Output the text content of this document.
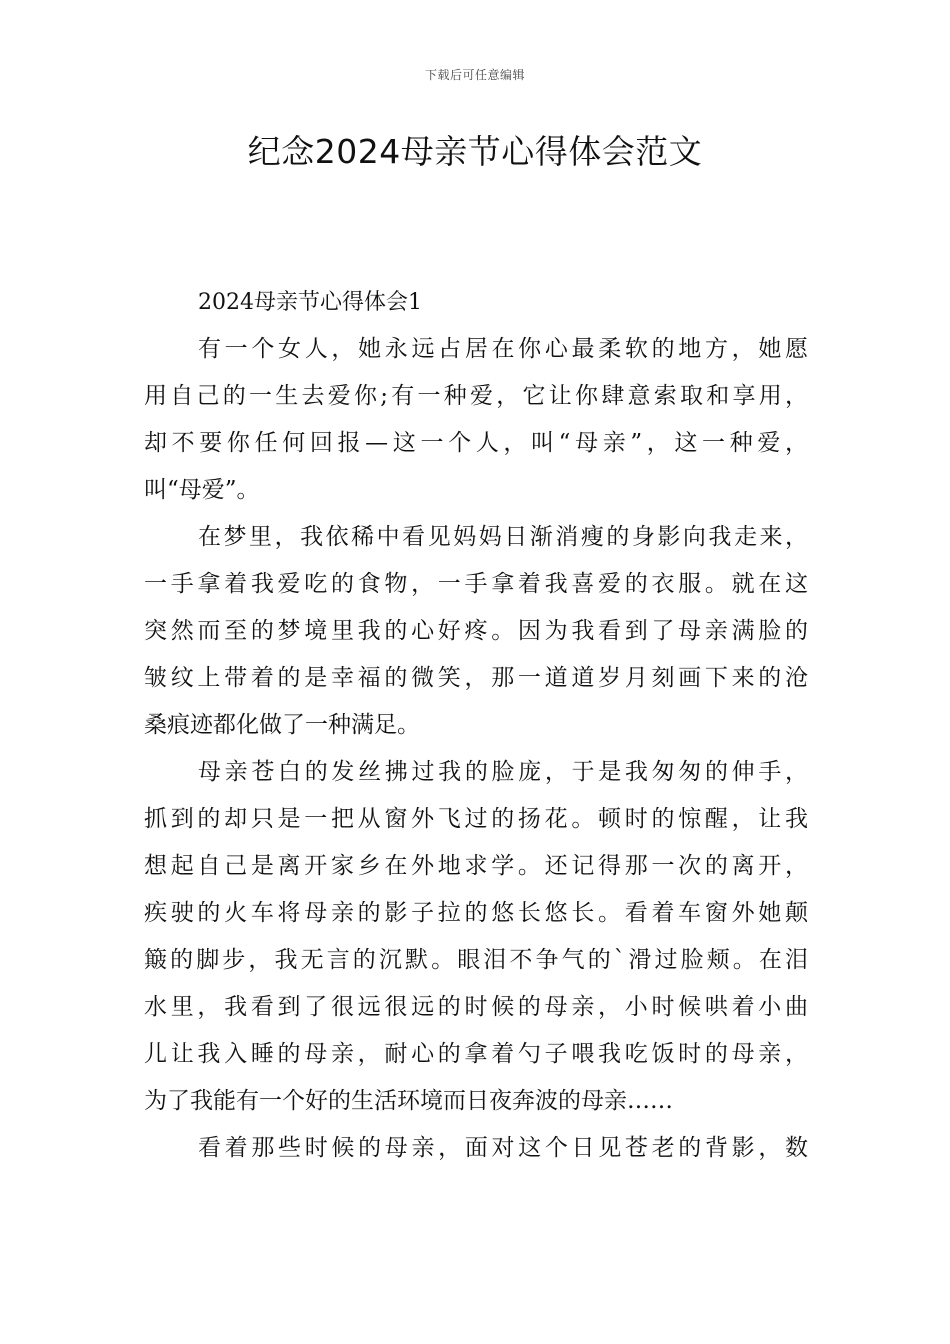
下载后可任意编辑
纪念2024母亲节心得体会范文

2024母亲节心得体会1

有一个女人，她永远占居在你心最柔软的地方，她愿
用自己的一生去爱你;有一种爱，它让你肆意索取和享用，
却不要你任何回报—这一个人，叫“母亲”，这一种爱，
叫“母爱”。

在梦里，我依稀中看见妈妈日渐消瘦的身影向我走来，
一手拿着我爱吃的食物，一手拿着我喜爱的衣服。就在这
突然而至的梦境里我的心好疼。因为我看到了母亲满脸的
皱纹上带着的是幸福的微笑，那一道道岁月刻画下来的沧
桑痕迹都化做了一种满足。

母亲苍白的发丝拂过我的脸庞，于是我匆匆的伸手，
抓到的却只是一把从窗外飞过的扬花。顿时的惊醒，让我
想起自己是离开家乡在外地求学。还记得那一次的离开，
疾驶的火车将母亲的影子拉的悠长悠长。看着车窗外她颠
簸的脚步，我无言的沉默。眼泪不争气的`滑过脸颊。在泪
水里，我看到了很远很远的时候的母亲，小时候哄着小曲
儿让我入睡的母亲，耐心的拿着勺子喂我吃饭时的母亲，
为了我能有一个好的生活环境而日夜奔波的母亲……

看着那些时候的母亲，面对这个日见苍老的背影，数
